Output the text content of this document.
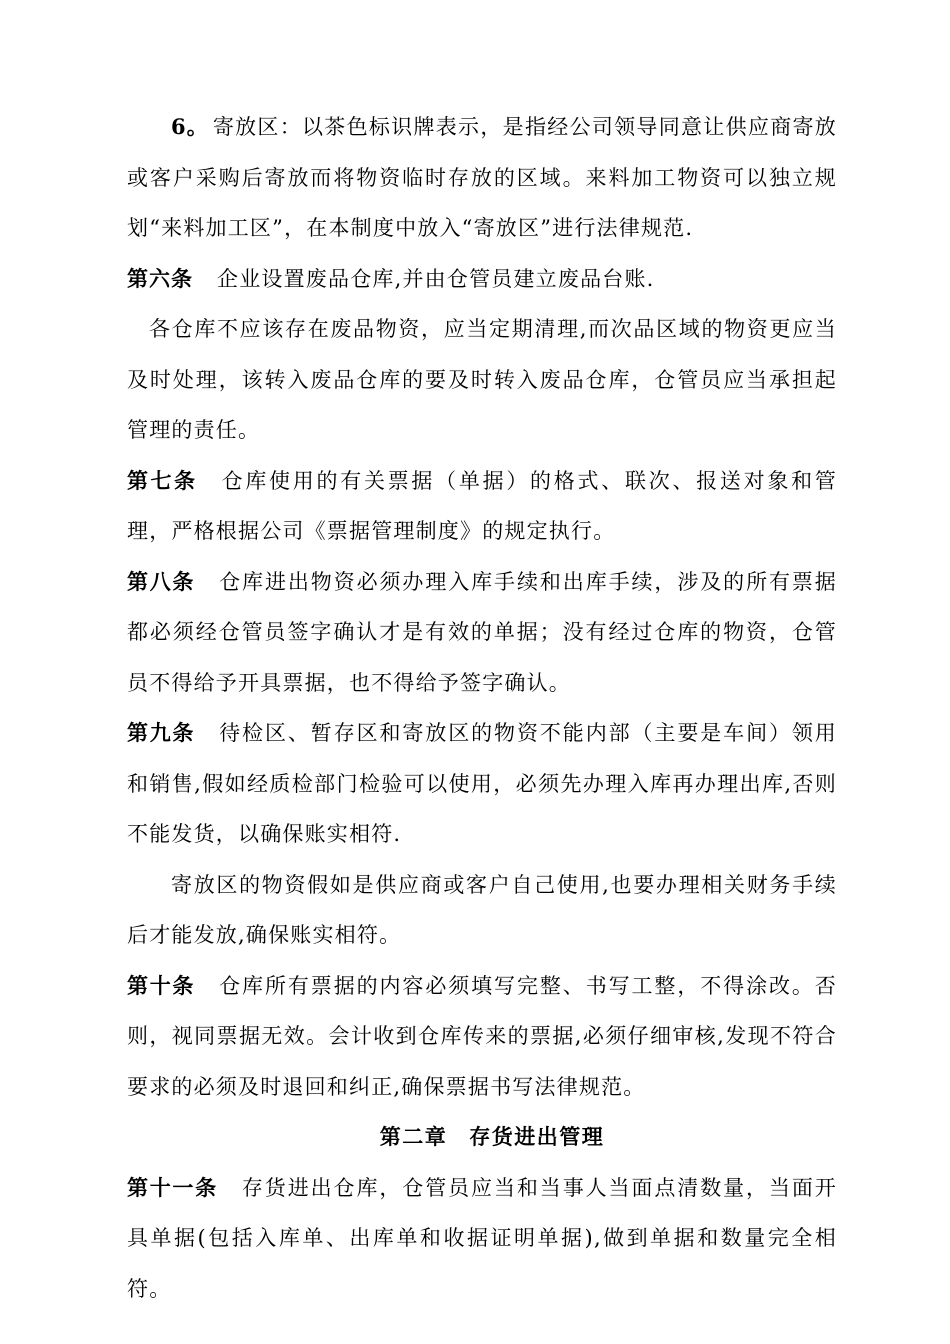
6。 寄放区：以茶色标识牌表示，是指经公司领导同意让供应商寄放或客户采购后寄放而将物资临时存放的区域。来料加工物资可以独立规划“来料加工区”，在本制度中放入“寄放区”进行法律规范.

第六条 企业设置废品仓库,并由仓管员建立废品台账.

各仓库不应该存在废品物资，应当定期清理,而次品区域的物资更应当及时处理，该转入废品仓库的要及时转入废品仓库，仓管员应当承担起管理的责任。

第七条 仓库使用的有关票据（单据）的格式、联次、报送对象和管理，严格根据公司《票据管理制度》的规定执行。

第八条 仓库进出物资必须办理入库手续和出库手续，涉及的所有票据都必须经仓管员签字确认才是有效的单据；没有经过仓库的物资，仓管员不得给予开具票据，也不得给予签字确认。

第九条 待检区、暂存区和寄放区的物资不能内部（主要是车间）领用和销售,假如经质检部门检验可以使用，必须先办理入库再办理出库,否则不能发货，以确保账实相符.

寄放区的物资假如是供应商或客户自己使用,也要办理相关财务手续后才能发放,确保账实相符。

第十条 仓库所有票据的内容必须填写完整、书写工整，不得涂改。否则，视同票据无效。会计收到仓库传来的票据,必须仔细审核,发现不符合要求的必须及时退回和纠正,确保票据书写法律规范。

第二章 存货进出管理

第十一条 存货进出仓库，仓管员应当和当事人当面点清数量，当面开具单据(包括入库单、出库单和收据证明单据),做到单据和数量完全相符。
